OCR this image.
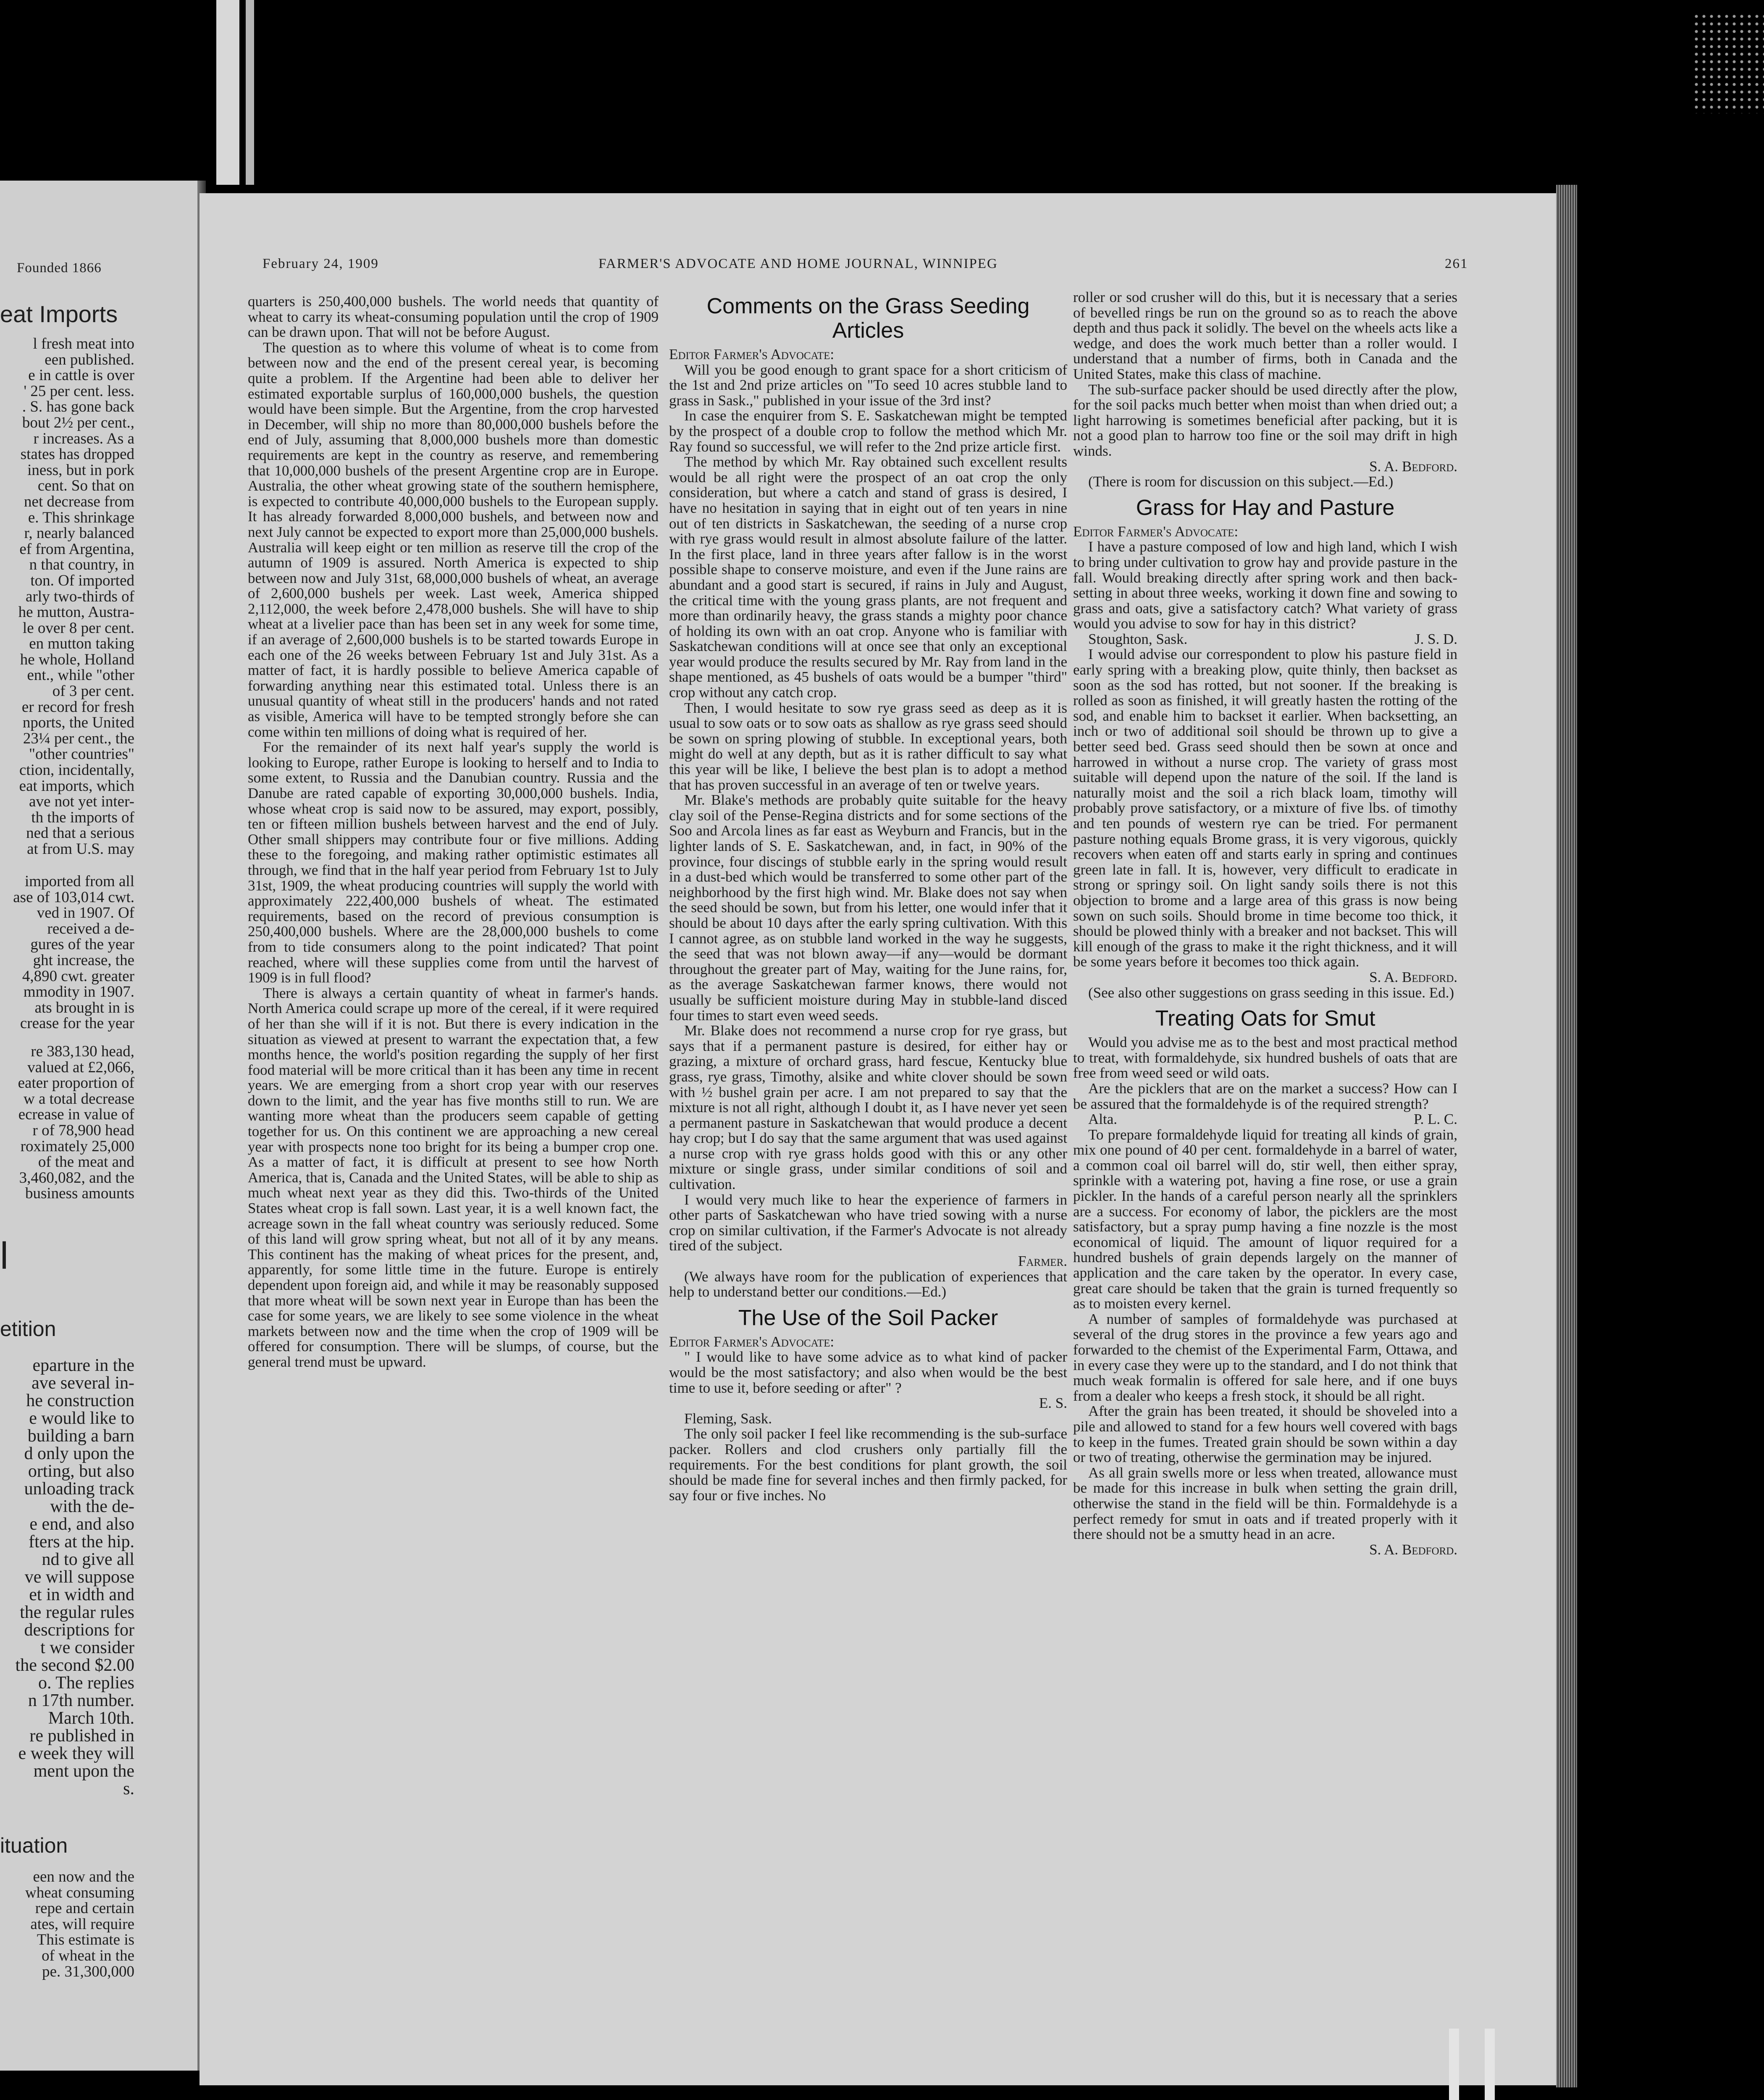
Founded 1866
eat Imports
l fresh meat into
een published.
e in cattle is over
' 25 per cent. less.
. S. has gone back
bout 2½ per cent.,
r increases. As a
states has dropped
iness, but in pork
cent. So that on
net decrease from
e. This shrinkage
r, nearly balanced
ef from Argentina,
n that country, in
ton. Of imported
arly two-thirds of
he mutton, Austra-
le over 8 per cent.
en mutton taking
he whole, Holland
ent., while "other
of 3 per cent.
er record for fresh
nports, the United
23¼ per cent., the
"other countries"
ction, incidentally,
eat imports, which
ave not yet inter-
th the imports of
ned that a serious
at from U.S. may
imported from all
ase of 103,014 cwt.
ved in 1907. Of
received a de-
gures of the year
ght increase, the
4,890 cwt. greater
mmodity in 1907.
ats brought in is
crease for the year
re 383,130 head,
valued at £2,066,
eater proportion of
w a total decrease
ecrease in value of
r of 78,900 head
roximately 25,000
of the meat and
3,460,082, and the
business amounts
l
etition
eparture in the
ave several in-
he construction
e would like to
building a barn
d only upon the
orting, but also
unloading track
with the de-
e end, and also
fters at the hip.
nd to give all
ve will suppose
et in width and
the regular rules
descriptions for
t we consider
the second $2.00
o. The replies
n 17th number.
March 10th.
re published in
e week they will
ment upon the
s.
ituation
een now and the
wheat consuming
repe and certain
ates, will require
This estimate is
of wheat in the
pe. 31,300,000
February 24, 1909	FARMER'S ADVOCATE AND HOME JOURNAL, WINNIPEG	261

quarters is 250,400,000 bushels. The world needs that quantity of wheat to carry its wheat-consuming population until the crop of 1909 can be drawn upon. That will not be before August.

The question as to where this volume of wheat is to come from between now and the end of the present cereal year, is becoming quite a problem. If the Argentine had been able to deliver her estimated exportable surplus of 160,000,000 bushels, the question would have been simple. But the Argentine, from the crop harvested in December, will ship no more than 80,000,000 bushels before the end of July, assuming that 8,000,000 bushels more than domestic requirements are kept in the country as reserve, and remembering that 10,000,000 bushels of the present Argentine crop are in Europe. Australia, the other wheat growing state of the southern hemisphere, is expected to contribute 40,000,000 bushels to the European supply. It has already forwarded 8,000,000 bushels, and between now and next July cannot be expected to export more than 25,000,000 bushels. Australia will keep eight or ten million as reserve till the crop of the autumn of 1909 is assured. North America is expected to ship between now and July 31st, 68,000,000 bushels of wheat, an average of 2,600,000 bushels per week. Last week, America shipped 2,112,000, the week before 2,478,000 bushels. She will have to ship wheat at a livelier pace than has been set in any week for some time, if an average of 2,600,000 bushels is to be started towards Europe in each one of the 26 weeks between February 1st and July 31st. As a matter of fact, it is hardly possible to believe America capable of forwarding anything near this estimated total. Unless there is an unusual quantity of wheat still in the producers' hands and not rated as visible, America will have to be tempted strongly before she can come within ten millions of doing what is required of her.

For the remainder of its next half year's supply the world is looking to Europe, rather Europe is looking to herself and to India to some extent, to Russia and the Danubian country. Russia and the Danube are rated capable of exporting 30,000,000 bushels. India, whose wheat crop is said now to be assured, may export, possibly, ten or fifteen million bushels between harvest and the end of July. Other small shippers may contribute four or five millions. Adding these to the foregoing, and making rather optimistic estimates all through, we find that in the half year period from February 1st to July 31st, 1909, the wheat producing countries will supply the world with approximately 222,400,000 bushels of wheat. The estimated requirements, based on the record of previous consumption is 250,400,000 bushels. Where are the 28,000,000 bushels to come from to tide consumers along to the point indicated? That point reached, where will these supplies come from until the harvest of 1909 is in full flood?

There is always a certain quantity of wheat in farmer's hands. North America could scrape up more of the cereal, if it were required of her than she will if it is not. But there is every indication in the situation as viewed at present to warrant the expectation that, a few months hence, the world's position regarding the supply of her first food material will be more critical than it has been any time in recent years. We are emerging from a short crop year with our reserves down to the limit, and the year has five months still to run. We are wanting more wheat than the producers seem capable of getting together for us. On this continent we are approaching a new cereal year with prospects none too bright for its being a bumper crop one. As a matter of fact, it is difficult at present to see how North America, that is, Canada and the United States, will be able to ship as much wheat next year as they did this. Two-thirds of the United States wheat crop is fall sown. Last year, it is a well known fact, the acreage sown in the fall wheat country was seriously reduced. Some of this land will grow spring wheat, but not all of it by any means. This continent has the making of wheat prices for the present, and, apparently, for some little time in the future. Europe is entirely dependent upon foreign aid, and while it may be reasonably supposed that more wheat will be sown next year in Europe than has been the case for some years, we are likely to see some violence in the wheat markets between now and the time when the crop of 1909 will be offered for consumption. There will be slumps, of course, but the general trend must be upward.

Comments on the Grass Seeding Articles

Editor Farmer's Advocate:

Will you be good enough to grant space for a short criticism of the 1st and 2nd prize articles on "To seed 10 acres stubble land to grass in Sask.," published in your issue of the 3rd inst?

In case the enquirer from S. E. Saskatchewan might be tempted by the prospect of a double crop to follow the method which Mr. Ray found so successful, we will refer to the 2nd prize article first.

The method by which Mr. Ray obtained such excellent results would be all right were the prospect of an oat crop the only consideration, but where a catch and stand of grass is desired, I have no hesitation in saying that in eight out of ten years in nine out of ten districts in Saskatchewan, the seeding of a nurse crop with rye grass would result in almost absolute failure of the latter. In the first place, land in three years after fallow is in the worst possible shape to conserve moisture, and even if the June rains are abundant and a good start is secured, if rains in July and August, the critical time with the young grass plants, are not frequent and more than ordinarily heavy, the grass stands a mighty poor chance of holding its own with an oat crop. Anyone who is familiar with Saskatchewan conditions will at once see that only an exceptional year would produce the results secured by Mr. Ray from land in the shape mentioned, as 45 bushels of oats would be a bumper "third" crop without any catch crop.

Then, I would hesitate to sow rye grass seed as deep as it is usual to sow oats or to sow oats as shallow as rye grass seed should be sown on spring plowing of stubble. In exceptional years, both might do well at any depth, but as it is rather difficult to say what this year will be like, I believe the best plan is to adopt a method that has proven successful in an average of ten or twelve years.

Mr. Blake's methods are probably quite suitable for the heavy clay soil of the Pense-Regina districts and for some sections of the Soo and Arcola lines as far east as Weyburn and Francis, but in the lighter lands of S. E. Saskatchewan, and, in fact, in 90% of the province, four discings of stubble early in the spring would result in a dust-bed which would be transferred to some other part of the neighborhood by the first high wind. Mr. Blake does not say when the seed should be sown, but from his letter, one would infer that it should be about 10 days after the early spring cultivation. With this I cannot agree, as on stubble land worked in the way he suggests, the seed that was not blown away—if any—would be dormant throughout the greater part of May, waiting for the June rains, for, as the average Saskatchewan farmer knows, there would not usually be sufficient moisture during May in stubble-land disced four times to start even weed seeds.

Mr. Blake does not recommend a nurse crop for rye grass, but says that if a permanent pasture is desired, for either hay or grazing, a mixture of orchard grass, hard fescue, Kentucky blue grass, rye grass, Timothy, alsike and white clover should be sown with ½ bushel grain per acre. I am not prepared to say that the mixture is not all right, although I doubt it, as I have never yet seen a permanent pasture in Saskatchewan that would produce a decent hay crop; but I do say that the same argument that was used against a nurse crop with rye grass holds good with this or any other mixture or single grass, under similar conditions of soil and cultivation.

I would very much like to hear the experience of farmers in other parts of Saskatchewan who have tried sowing with a nurse crop on similar cultivation, if the Farmer's Advocate is not already tired of the subject.

Farmer.

(We always have room for the publication of experiences that help to understand better our conditions.—Ed.)

The Use of the Soil Packer

Editor Farmer's Advocate:

" I would like to have some advice as to what kind of packer would be the most satisfactory; and also when would be the best time to use it, before seeding or after" ?

E. S.

Fleming, Sask.

The only soil packer I feel like recommending is the sub-surface packer. Rollers and clod crushers only partially fill the requirements. For the best conditions for plant growth, the soil should be made fine for several inches and then firmly packed, for say four or five inches. No

roller or sod crusher will do this, but it is necessary that a series of bevelled rings be run on the ground so as to reach the above depth and thus pack it solidly. The bevel on the wheels acts like a wedge, and does the work much better than a roller would. I understand that a number of firms, both in Canada and the United States, make this class of machine.

The sub-surface packer should be used directly after the plow, for the soil packs much better when moist than when dried out; a light harrowing is sometimes beneficial after packing, but it is not a good plan to harrow too fine or the soil may drift in high winds.

S. A. Bedford.

(There is room for discussion on this subject.—Ed.)

Grass for Hay and Pasture

Editor Farmer's Advocate:

I have a pasture composed of low and high land, which I wish to bring under cultivation to grow hay and provide pasture in the fall. Would breaking directly after spring work and then back-setting in about three weeks, working it down fine and sowing to grass and oats, give a satisfactory catch? What variety of grass would you advise to sow for hay in this district?

Stoughton, Sask.	J. S. D.

I would advise our correspondent to plow his pasture field in early spring with a breaking plow, quite thinly, then backset as soon as the sod has rotted, but not sooner. If the breaking is rolled as soon as finished, it will greatly hasten the rotting of the sod, and enable him to backset it earlier. When backsetting, an inch or two of additional soil should be thrown up to give a better seed bed. Grass seed should then be sown at once and harrowed in without a nurse crop. The variety of grass most suitable will depend upon the nature of the soil. If the land is naturally moist and the soil a rich black loam, timothy will probably prove satisfactory, or a mixture of five lbs. of timothy and ten pounds of western rye can be tried. For permanent pasture nothing equals Brome grass, it is very vigorous, quickly recovers when eaten off and starts early in spring and continues green late in fall. It is, however, very difficult to eradicate in strong or springy soil. On light sandy soils there is not this objection to brome and a large area of this grass is now being sown on such soils. Should brome in time become too thick, it should be plowed thinly with a breaker and not backset. This will kill enough of the grass to make it the right thickness, and it will be some years before it becomes too thick again.

S. A. Bedford.

(See also other suggestions on grass seeding in this issue. Ed.)

Treating Oats for Smut

Would you advise me as to the best and most practical method to treat, with formaldehyde, six hundred bushels of oats that are free from weed seed or wild oats.

Are the picklers that are on the market a success? How can I be assured that the formaldehyde is of the required strength?

Alta.	P. L. C.

To prepare formaldehyde liquid for treating all kinds of grain, mix one pound of 40 per cent. formaldehyde in a barrel of water, a common coal oil barrel will do, stir well, then either spray, sprinkle with a watering pot, having a fine rose, or use a grain pickler. In the hands of a careful person nearly all the sprinklers are a success. For economy of labor, the picklers are the most satisfactory, but a spray pump having a fine nozzle is the most economical of liquid. The amount of liquor required for a hundred bushels of grain depends largely on the manner of application and the care taken by the operator. In every case, great care should be taken that the grain is turned frequently so as to moisten every kernel.

A number of samples of formaldehyde was purchased at several of the drug stores in the province a few years ago and forwarded to the chemist of the Experimental Farm, Ottawa, and in every case they were up to the standard, and I do not think that much weak formalin is offered for sale here, and if one buys from a dealer who keeps a fresh stock, it should be all right.

After the grain has been treated, it should be shoveled into a pile and allowed to stand for a few hours well covered with bags to keep in the fumes. Treated grain should be sown within a day or two of treating, otherwise the germination may be injured.

As all grain swells more or less when treated, allowance must be made for this increase in bulk when setting the grain drill, otherwise the stand in the field will be thin. Formaldehyde is a perfect remedy for smut in oats and if treated properly with it there should not be a smutty head in an acre.

S. A. Bedford.
